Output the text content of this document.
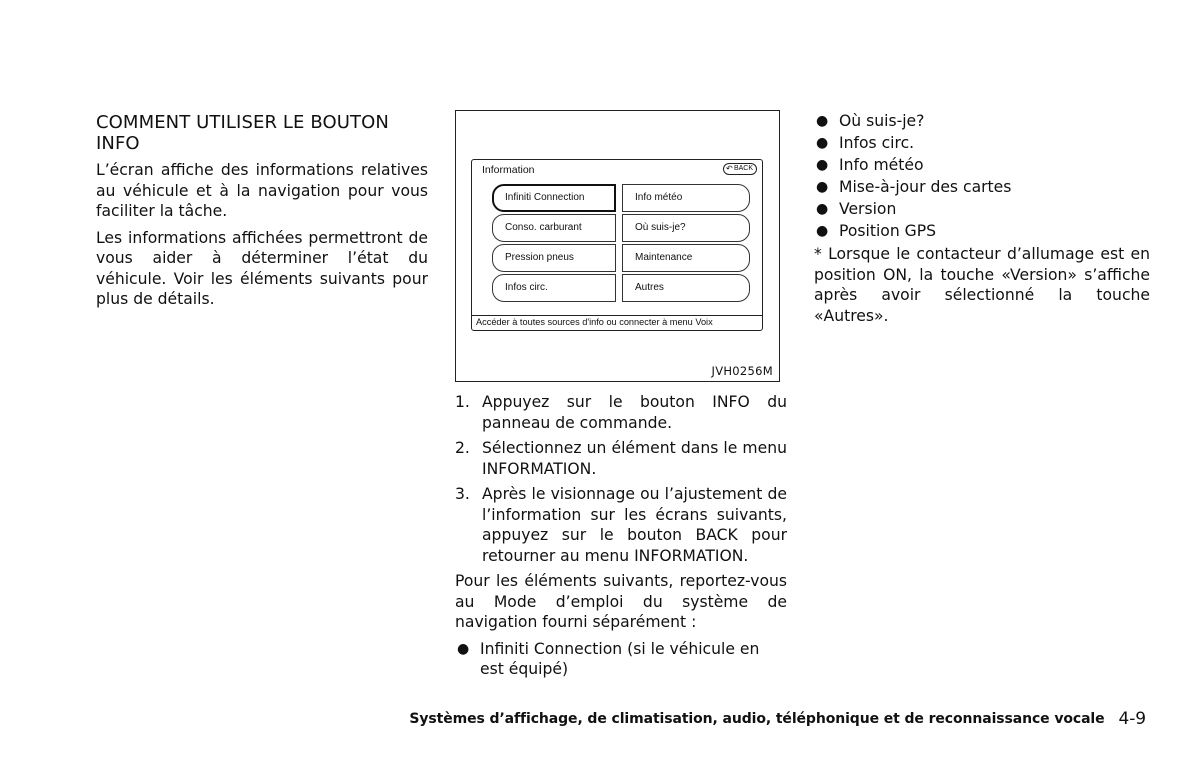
COMMENT UTILISER LE BOUTON INFO

L’écran affiche des informations relatives au véhicule et à la navigation pour vous faciliter la tâche.

Les informations affichées permettront de vous aider à déterminer l’état du véhicule. Voir les éléments suivants pour plus de détails.

Information	↶ BACK
Infiniti Connection
Conso. carburant
Pression pneus
Infos circ.
Info météo
Où suis-je?
Maintenance
Autres
Accéder à toutes sources d'info ou connecter à menu Voix
JVH0256M
1. Appuyez sur le bouton INFO du panneau de commande.
2. Sélectionnez un élément dans le menu INFORMATION.
3. Après le visionnage ou l’ajustement de l’information sur les écrans suivants, appuyez sur le bouton BACK pour retourner au menu INFORMATION.

Pour les éléments suivants, reportez-vous au Mode d’emploi du système de navigation fourni séparément :

● Infiniti Connection (si le véhicule en est équipé)
● Où suis-je?
● Infos circ.
● Info météo
● Mise-à-jour des cartes
● Version
● Position GPS

* Lorsque le contacteur d’allumage est en position ON, la touche «Version» s’affiche après avoir sélectionné la touche «Autres».

Systèmes d’affichage, de climatisation, audio, téléphonique et de reconnaissance vocale 4-9
